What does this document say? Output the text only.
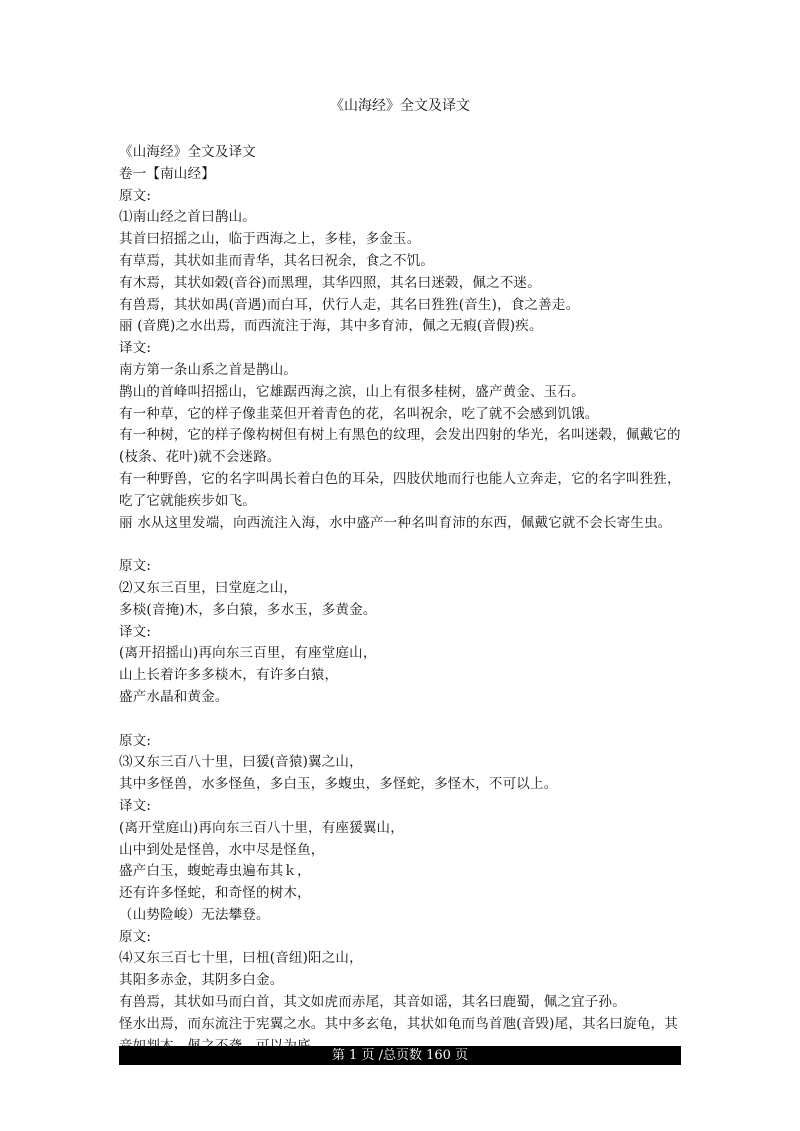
《山海经》全文及译文

《山海经》全文及译文

卷一【南山经】

原文:

⑴南山经之首曰鹊山。

其首曰招摇之山，临于西海之上，多桂，多金玉。

有草焉，其状如韭而青华，其名曰祝余，食之不饥。

有木焉，其状如榖(音谷)而黑理，其华四照，其名曰迷榖，佩之不迷。

有兽焉，其状如禺(音遇)而白耳，伏行人走，其名曰狌狌(音生)，食之善走。

丽 (音麂)之水出焉，而西流注于海，其中多育沛，佩之无瘕(音假)疾。

译文:

南方第一条山系之首是鹊山。

鹊山的首峰叫招摇山，它雄踞西海之滨，山上有很多桂树，盛产黄金、玉石。

有一种草，它的样子像韭菜但开着青色的花，名叫祝余，吃了就不会感到饥饿。

有一种树，它的样子像构树但有树上有黑色的纹理，会发出四射的华光，名叫迷榖，佩戴它的(枝条、花叶)就不会迷路。

有一种野兽，它的名字叫禺长着白色的耳朵，四肢伏地而行也能人立奔走，它的名字叫狌狌，吃了它就能疾步如飞。

丽 水从这里发端，向西流注入海，水中盛产一种名叫育沛的东西，佩戴它就不会长寄生虫。

原文:

⑵又东三百里，曰堂庭之山，

多棪(音掩)木，多白猿，多水玉，多黄金。

译文:

(离开招摇山)再向东三百里，有座堂庭山，

山上长着许多多棪木，有许多白猿，

盛产水晶和黄金。

原文:

⑶又东三百八十里，曰猨(音猿)翼之山，

其中多怪兽，水多怪鱼，多白玉，多蝮虫，多怪蛇，多怪木，不可以上。

译文:

(离开堂庭山)再向东三百八十里，有座猨翼山，

山中到处是怪兽，水中尽是怪鱼，

盛产白玉，蝮蛇毒虫遍布其ｋ，

还有许多怪蛇，和奇怪的树木，

（山势险峻）无法攀登。

原文:

⑷又东三百七十里，曰杻(音纽)阳之山，

其阳多赤金，其阴多白金。

有兽焉，其状如马而白首，其文如虎而赤尾，其音如谣，其名曰鹿蜀，佩之宜子孙。

怪水出焉，而东流注于宪翼之水。其中多玄龟，其状如龟而鸟首虺(音毁)尾，其名曰旋龟，其

第 1 页 /总页数 160 页
